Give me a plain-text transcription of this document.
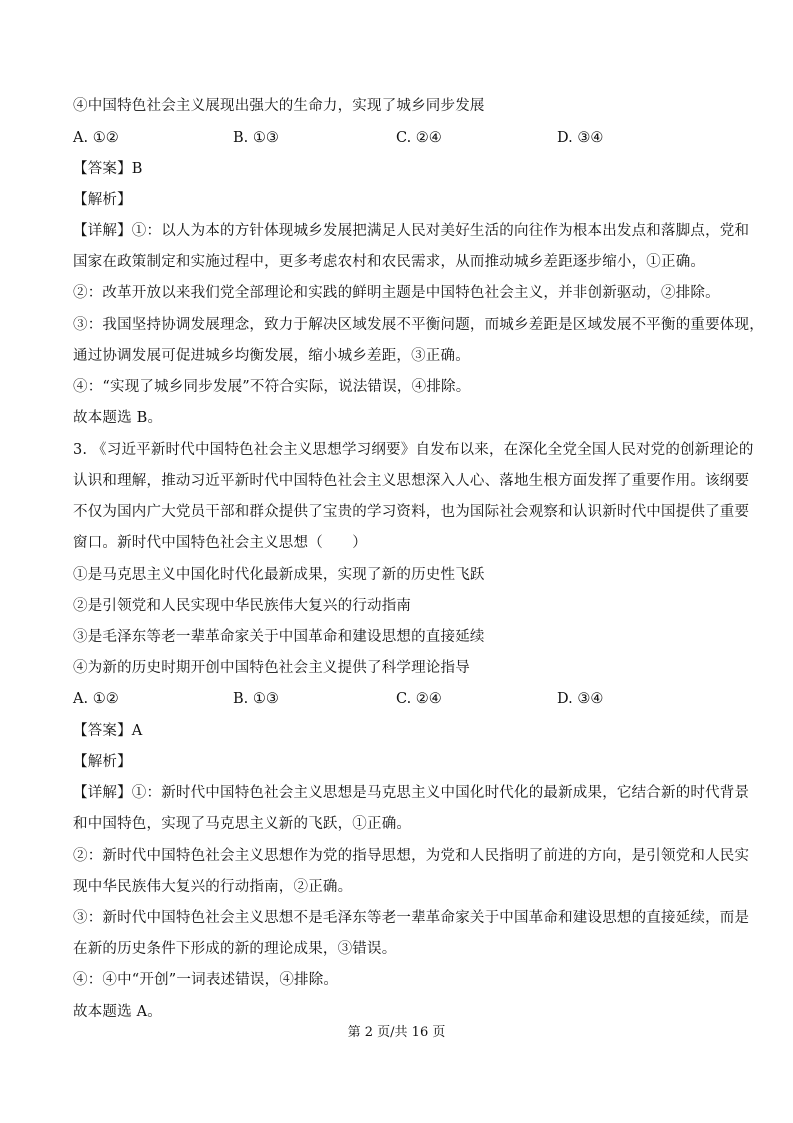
④中国特色社会主义展现出强大的生命力，实现了城乡同步发展
A. ①②	B. ①③	C. ②④	D. ③④
【答案】B
【解析】
【详解】①：以人为本的方针体现城乡发展把满足人民对美好生活的向往作为根本出发点和落脚点，党和
国家在政策制定和实施过程中，更多考虑农村和农民需求，从而推动城乡差距逐步缩小，①正确。
②：改革开放以来我们党全部理论和实践的鲜明主题是中国特色社会主义，并非创新驱动，②排除。
③：我国坚持协调发展理念，致力于解决区域发展不平衡问题，而城乡差距是区域发展不平衡的重要体现，
通过协调发展可促进城乡均衡发展，缩小城乡差距，③正确。
④：“实现了城乡同步发展”不符合实际，说法错误，④排除。
故本题选 B。
3. 《习近平新时代中国特色社会主义思想学习纲要》自发布以来，在深化全党全国人民对党的创新理论的
认识和理解，推动习近平新时代中国特色社会主义思想深入人心、落地生根方面发挥了重要作用。该纲要
不仅为国内广大党员干部和群众提供了宝贵的学习资料，也为国际社会观察和认识新时代中国提供了重要
窗口。新时代中国特色社会主义思想（　　）
①是马克思主义中国化时代化最新成果，实现了新的历史性飞跃
②是引领党和人民实现中华民族伟大复兴的行动指南
③是毛泽东等老一辈革命家关于中国革命和建设思想的直接延续
④为新的历史时期开创中国特色社会主义提供了科学理论指导
A. ①②	B. ①③	C. ②④	D. ③④
【答案】A
【解析】
【详解】①：新时代中国特色社会主义思想是马克思主义中国化时代化的最新成果，它结合新的时代背景
和中国特色，实现了马克思主义新的飞跃，①正确。
②：新时代中国特色社会主义思想作为党的指导思想，为党和人民指明了前进的方向，是引领党和人民实
现中华民族伟大复兴的行动指南，②正确。
③：新时代中国特色社会主义思想不是毛泽东等老一辈革命家关于中国革命和建设思想的直接延续，而是
在新的历史条件下形成的新的理论成果，③错误。
④：④中“开创”一词表述错误，④排除。
故本题选 A。
第 2 页/共 16 页
